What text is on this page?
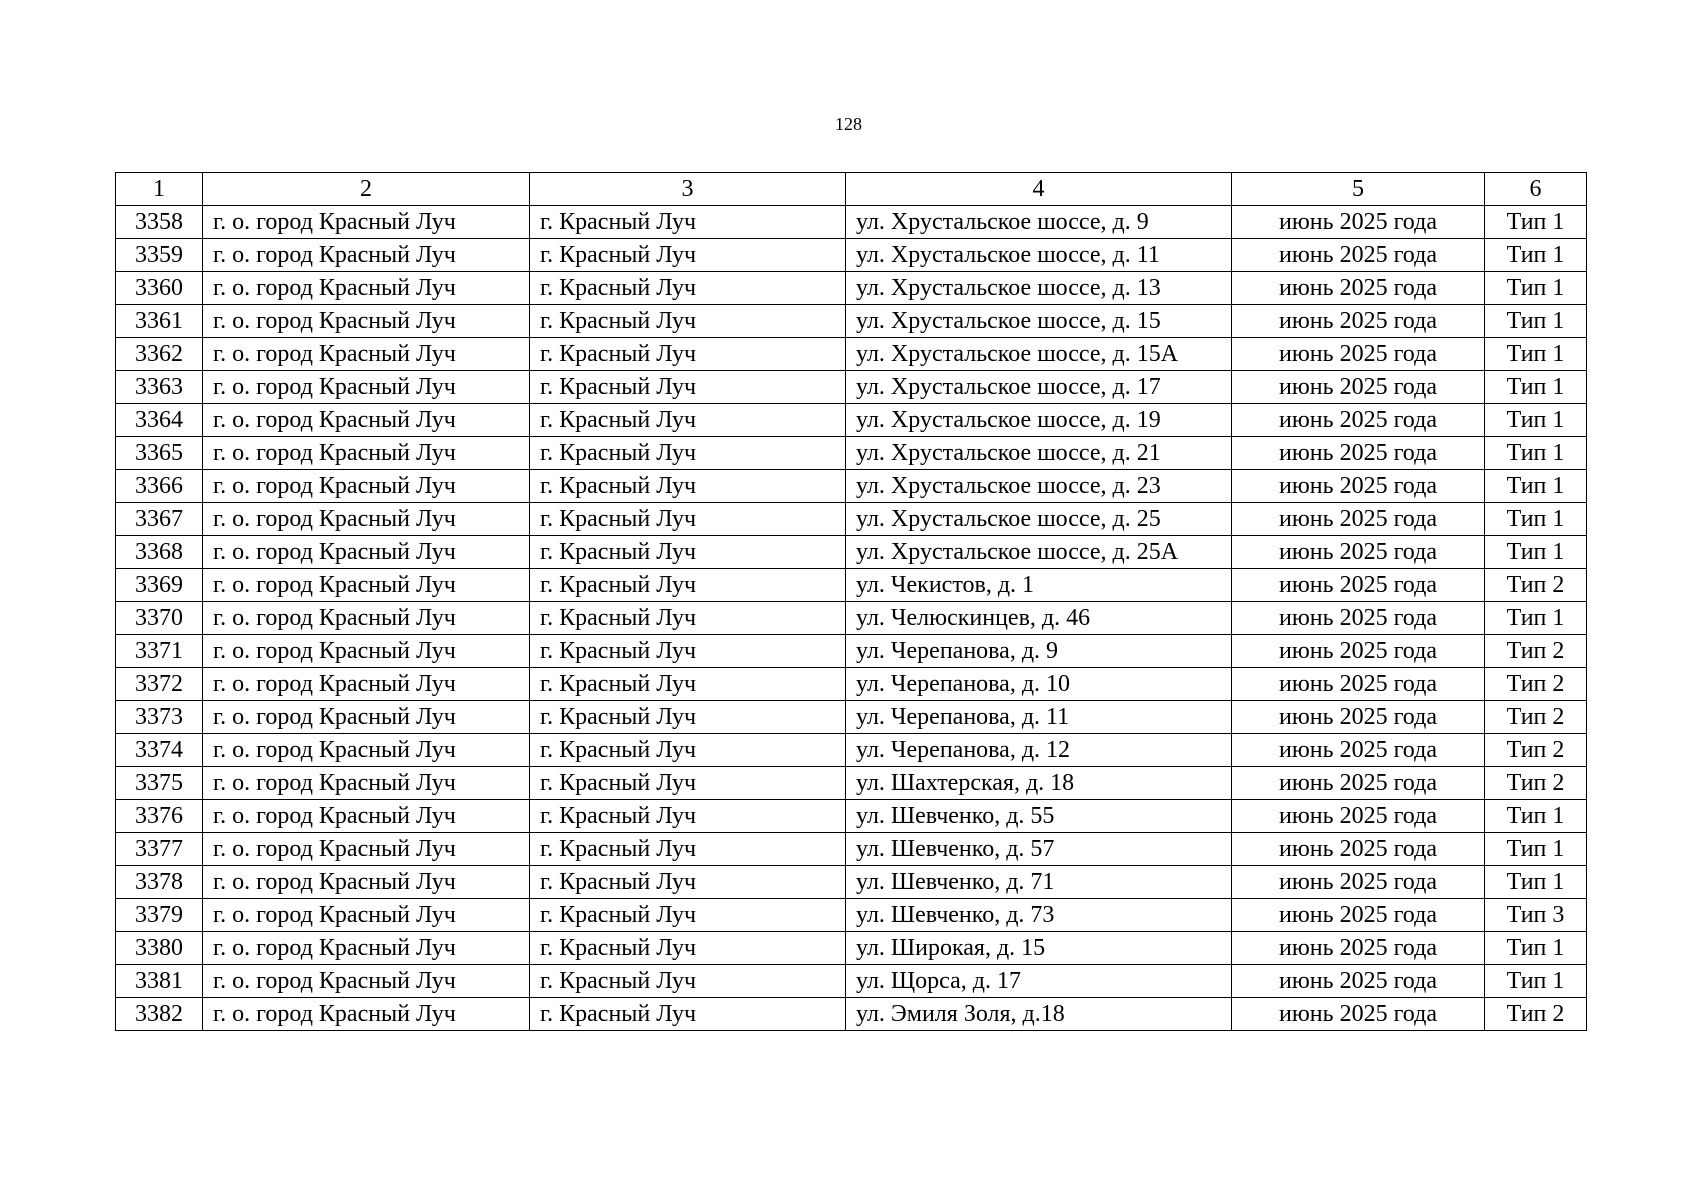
128
1	2	3	4	5	6
3358	г. о. город Красный Луч	г. Красный Луч	ул. Хрустальское шоссе, д. 9	июнь 2025 года	Тип 1
3359	г. о. город Красный Луч	г. Красный Луч	ул. Хрустальское шоссе, д. 11	июнь 2025 года	Тип 1
3360	г. о. город Красный Луч	г. Красный Луч	ул. Хрустальское шоссе, д. 13	июнь 2025 года	Тип 1
3361	г. о. город Красный Луч	г. Красный Луч	ул. Хрустальское шоссе, д. 15	июнь 2025 года	Тип 1
3362	г. о. город Красный Луч	г. Красный Луч	ул. Хрустальское шоссе, д. 15А	июнь 2025 года	Тип 1
3363	г. о. город Красный Луч	г. Красный Луч	ул. Хрустальское шоссе, д. 17	июнь 2025 года	Тип 1
3364	г. о. город Красный Луч	г. Красный Луч	ул. Хрустальское шоссе, д. 19	июнь 2025 года	Тип 1
3365	г. о. город Красный Луч	г. Красный Луч	ул. Хрустальское шоссе, д. 21	июнь 2025 года	Тип 1
3366	г. о. город Красный Луч	г. Красный Луч	ул. Хрустальское шоссе, д. 23	июнь 2025 года	Тип 1
3367	г. о. город Красный Луч	г. Красный Луч	ул. Хрустальское шоссе, д. 25	июнь 2025 года	Тип 1
3368	г. о. город Красный Луч	г. Красный Луч	ул. Хрустальское шоссе, д. 25А	июнь 2025 года	Тип 1
3369	г. о. город Красный Луч	г. Красный Луч	ул. Чекистов, д. 1	июнь 2025 года	Тип 2
3370	г. о. город Красный Луч	г. Красный Луч	ул. Челюскинцев, д. 46	июнь 2025 года	Тип 1
3371	г. о. город Красный Луч	г. Красный Луч	ул. Черепанова, д. 9	июнь 2025 года	Тип 2
3372	г. о. город Красный Луч	г. Красный Луч	ул. Черепанова, д. 10	июнь 2025 года	Тип 2
3373	г. о. город Красный Луч	г. Красный Луч	ул. Черепанова, д. 11	июнь 2025 года	Тип 2
3374	г. о. город Красный Луч	г. Красный Луч	ул. Черепанова, д. 12	июнь 2025 года	Тип 2
3375	г. о. город Красный Луч	г. Красный Луч	ул. Шахтерская, д. 18	июнь 2025 года	Тип 2
3376	г. о. город Красный Луч	г. Красный Луч	ул. Шевченко, д. 55	июнь 2025 года	Тип 1
3377	г. о. город Красный Луч	г. Красный Луч	ул. Шевченко, д. 57	июнь 2025 года	Тип 1
3378	г. о. город Красный Луч	г. Красный Луч	ул. Шевченко, д. 71	июнь 2025 года	Тип 1
3379	г. о. город Красный Луч	г. Красный Луч	ул. Шевченко, д. 73	июнь 2025 года	Тип 3
3380	г. о. город Красный Луч	г. Красный Луч	ул. Широкая, д. 15	июнь 2025 года	Тип 1
3381	г. о. город Красный Луч	г. Красный Луч	ул. Щорса, д. 17	июнь 2025 года	Тип 1
3382	г. о. город Красный Луч	г. Красный Луч	ул. Эмиля Золя, д.18	июнь 2025 года	Тип 2
